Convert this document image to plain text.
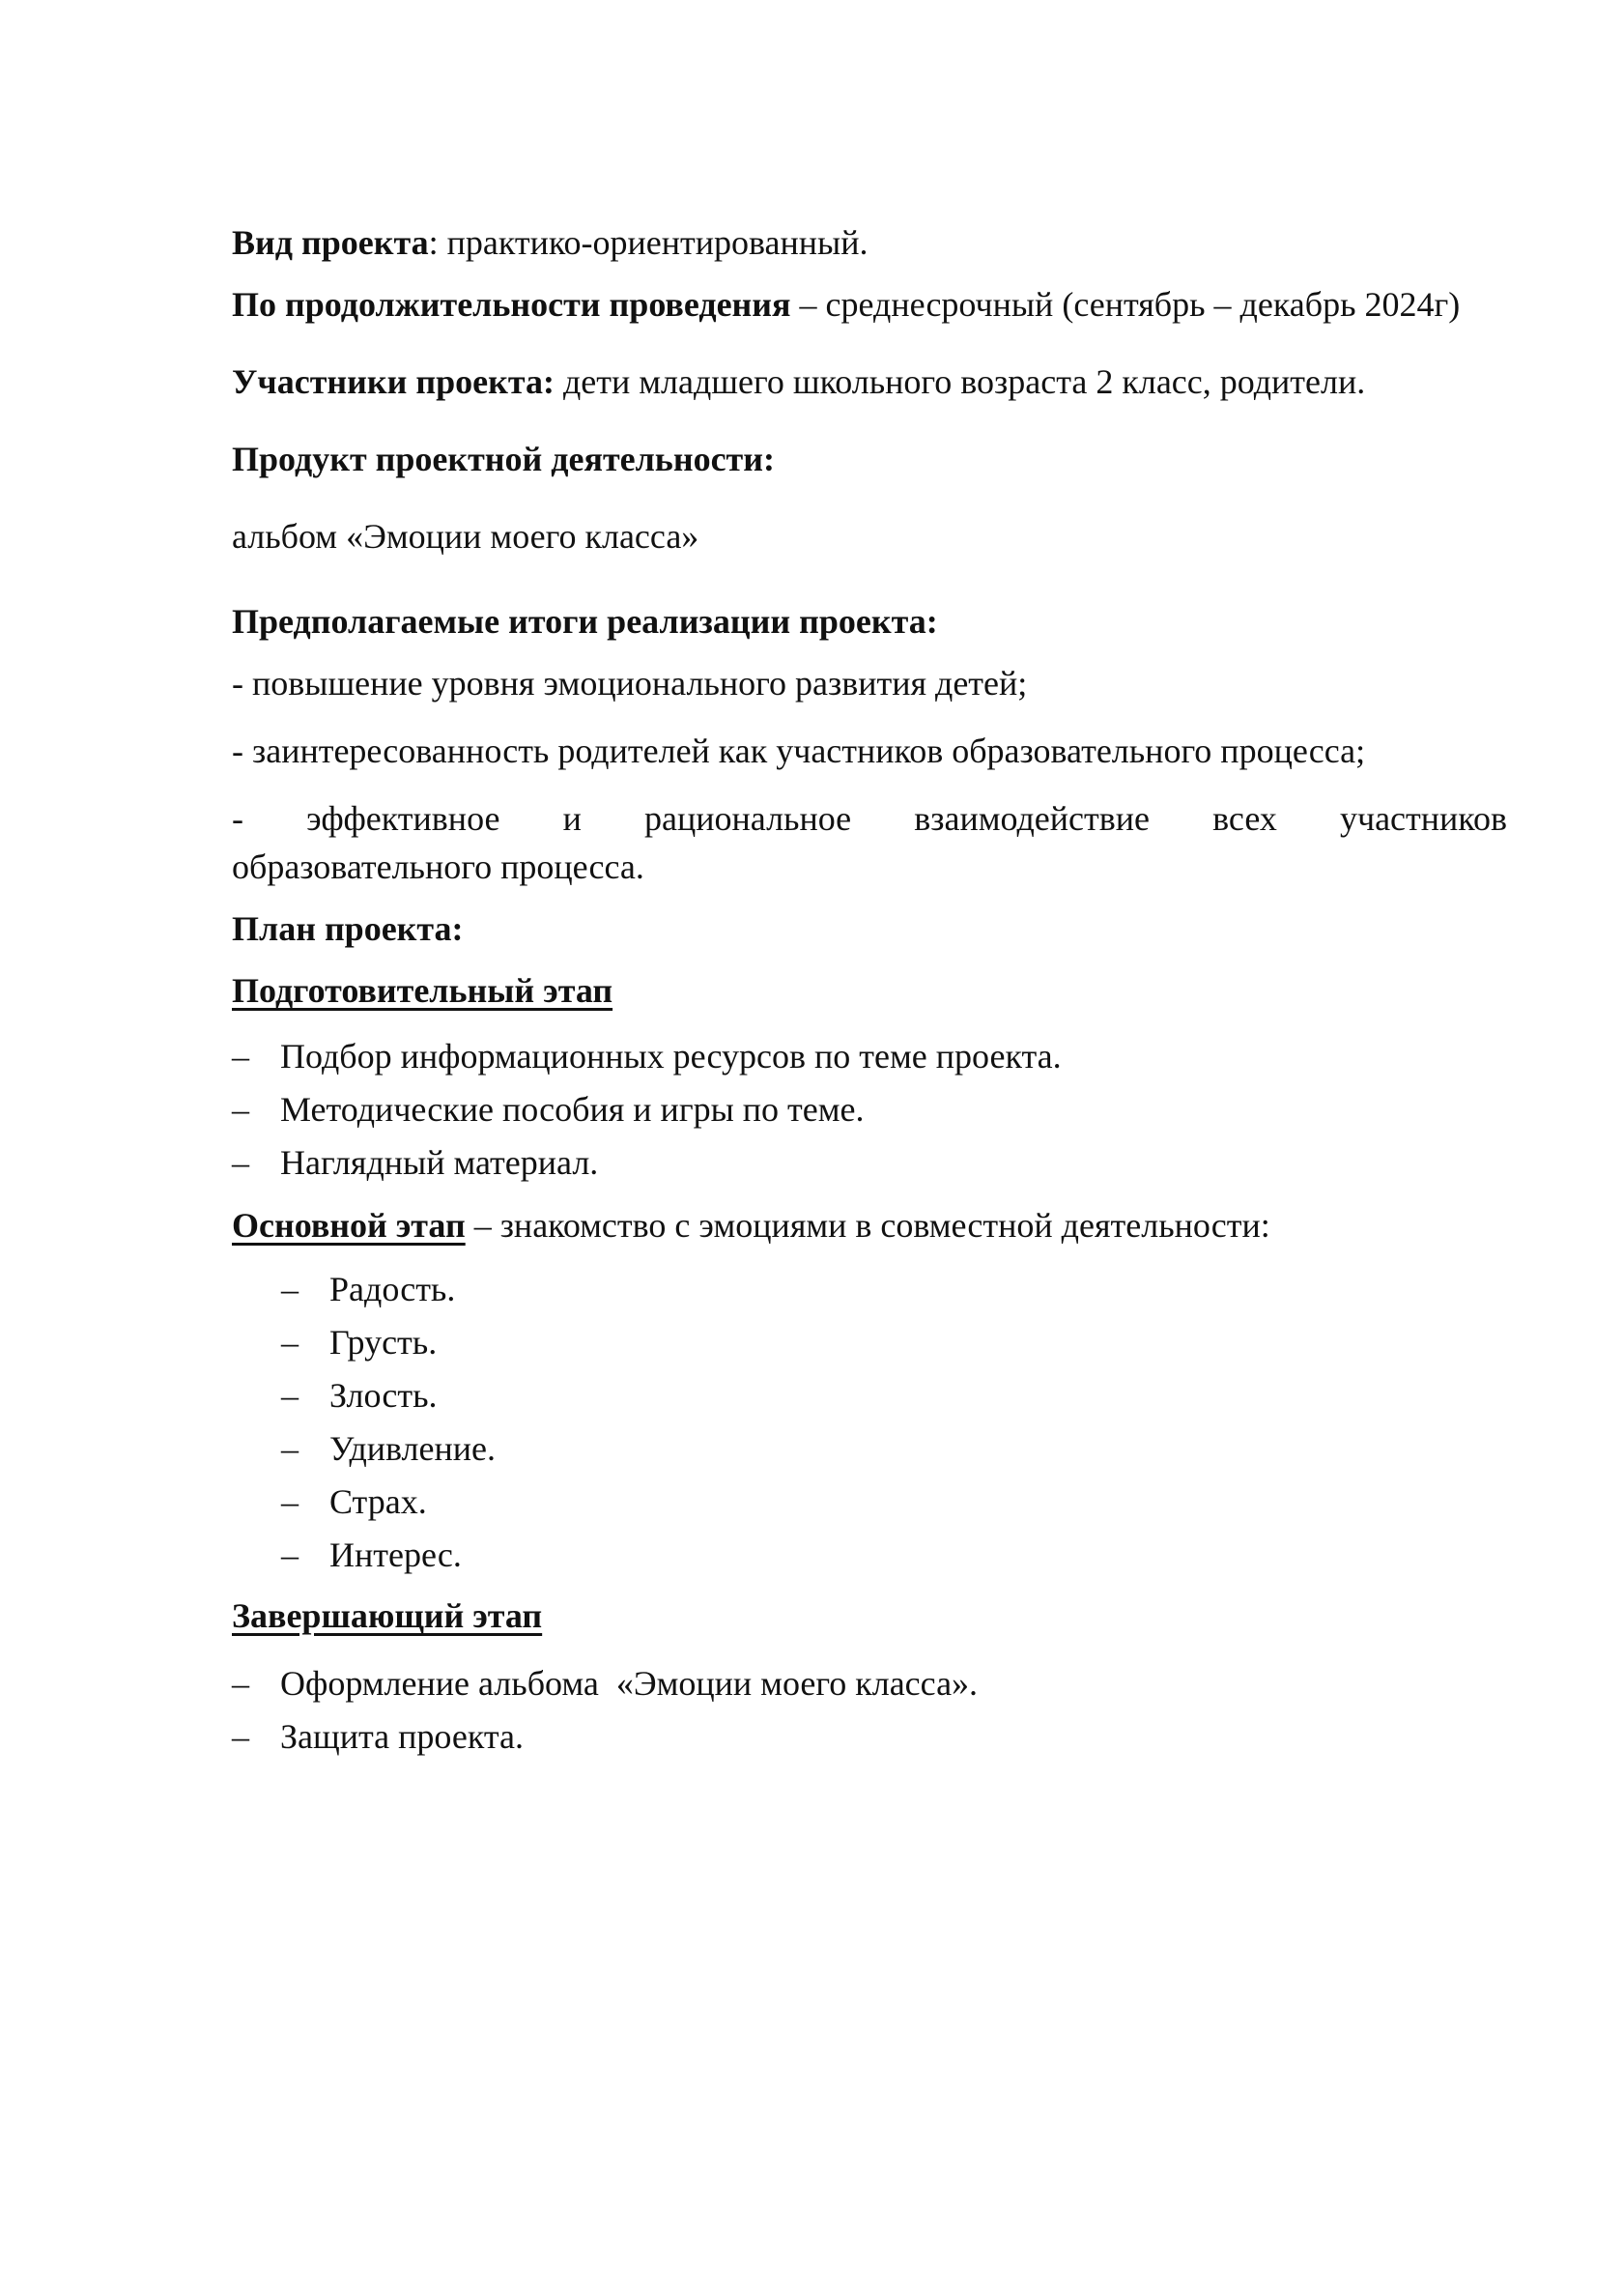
Вид проекта: практико-ориентированный.

По продолжительности проведения – среднесрочный (сентябрь – декабрь 2024г)

Участники проекта: дети младшего школьного возраста 2 класс, родители.

Продукт проектной деятельности:

альбом «Эмоции моего класса»

Предполагаемые итоги реализации проекта:

- повышение уровня эмоционального развития детей;

- заинтересованность родителей как участников образовательного процесса;

- эффективное и рациональное взаимодействие всех участников

образовательного процесса.

План проекта:

Подготовительный этап

– Подбор информационных ресурсов по теме проекта.
– Методические пособия и игры по теме.
– Наглядный материал.

Основной этап – знакомство с эмоциями в совместной деятельности:

– Радость.
– Грусть.
– Злость.
– Удивление.
– Страх.
– Интерес.

Завершающий этап

– Оформление альбома  «Эмоции моего класса».
– Защита проекта.
